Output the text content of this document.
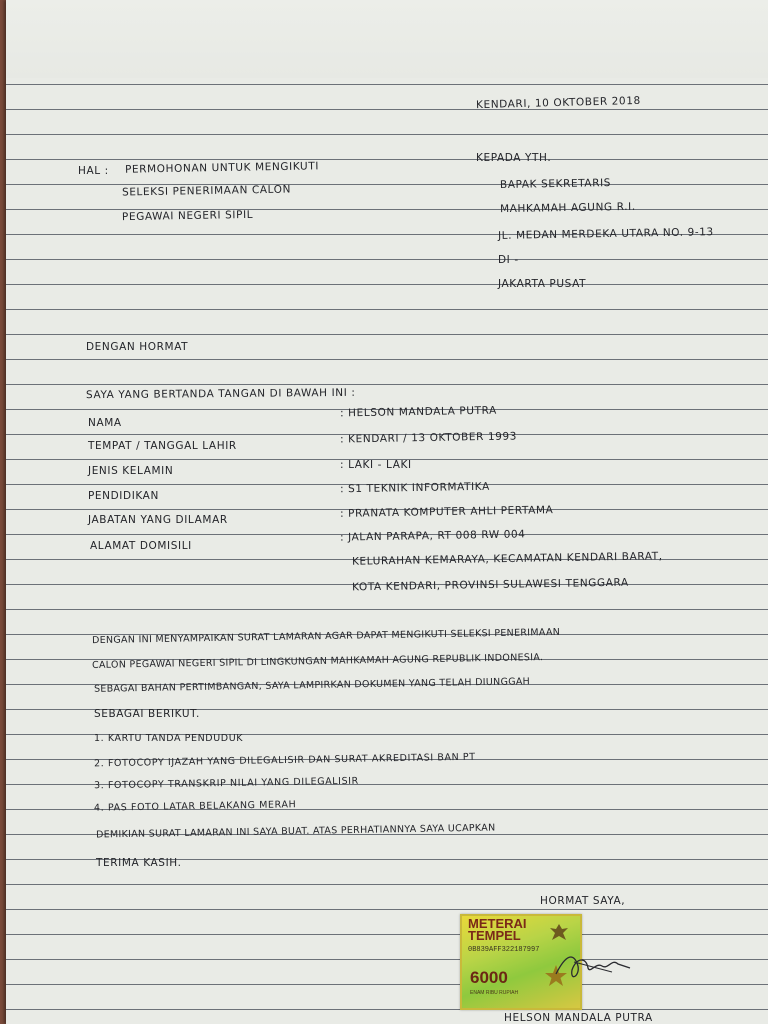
KENDARI, 10 OKTOBER 2018
HAL : PERMOHONAN UNTUK MENGIKUTI
SELEKSI PENERIMAAN CALON
PEGAWAI NEGERI SIPIL
KEPADA YTH.
BAPAK SEKRETARIS
MAHKAMAH AGUNG R.I.
JL. MEDAN MERDEKA UTARA NO. 9-13
DI -
JAKARTA PUSAT
DENGAN HORMAT
SAYA YANG BERTANDA TANGAN DI BAWAH INI :
NAMA
: HELSON MANDALA PUTRA
TEMPAT / TANGGAL LAHIR
: KENDARI / 13 OKTOBER 1993
JENIS KELAMIN	: LAKI - LAKI
PENDIDIKAN
: S1 TEKNIK INFORMATIKA
JABATAN YANG DILAMAR
: PRANATA KOMPUTER AHLI PERTAMA
ALAMAT DOMISILI
: JALAN PARAPA, RT 008 RW 004
KELURAHAN KEMARAYA, KECAMATAN KENDARI BARAT,
KOTA KENDARI, PROVINSI SULAWESI TENGGARA
DENGAN INI MENYAMPAIKAN SURAT LAMARAN AGAR DAPAT MENGIKUTI SELEKSI PENERIMAAN
CALON PEGAWAI NEGERI SIPIL DI LINGKUNGAN MAHKAMAH AGUNG REPUBLIK INDONESIA.
SEBAGAI BAHAN PERTIMBANGAN, SAYA LAMPIRKAN DOKUMEN YANG TELAH DIUNGGAH
SEBAGAI BERIKUT.
1. KARTU TANDA PENDUDUK
2. FOTOCOPY IJAZAH YANG DILEGALISIR DAN SURAT AKREDITASI BAN PT
3. FOTOCOPY TRANSKRIP NILAI YANG DILEGALISIR
4. PAS FOTO LATAR BELAKANG MERAH
DEMIKIAN SURAT LAMARAN INI SAYA BUAT. ATAS PERHATIANNYA SAYA UCAPKAN
TERIMA KASIH.
HORMAT SAYA,
METERAI
TEMPEL
0B839AFF322187997
6000
ENAM RIBU RUPIAH
HELSON MANDALA PUTRA
